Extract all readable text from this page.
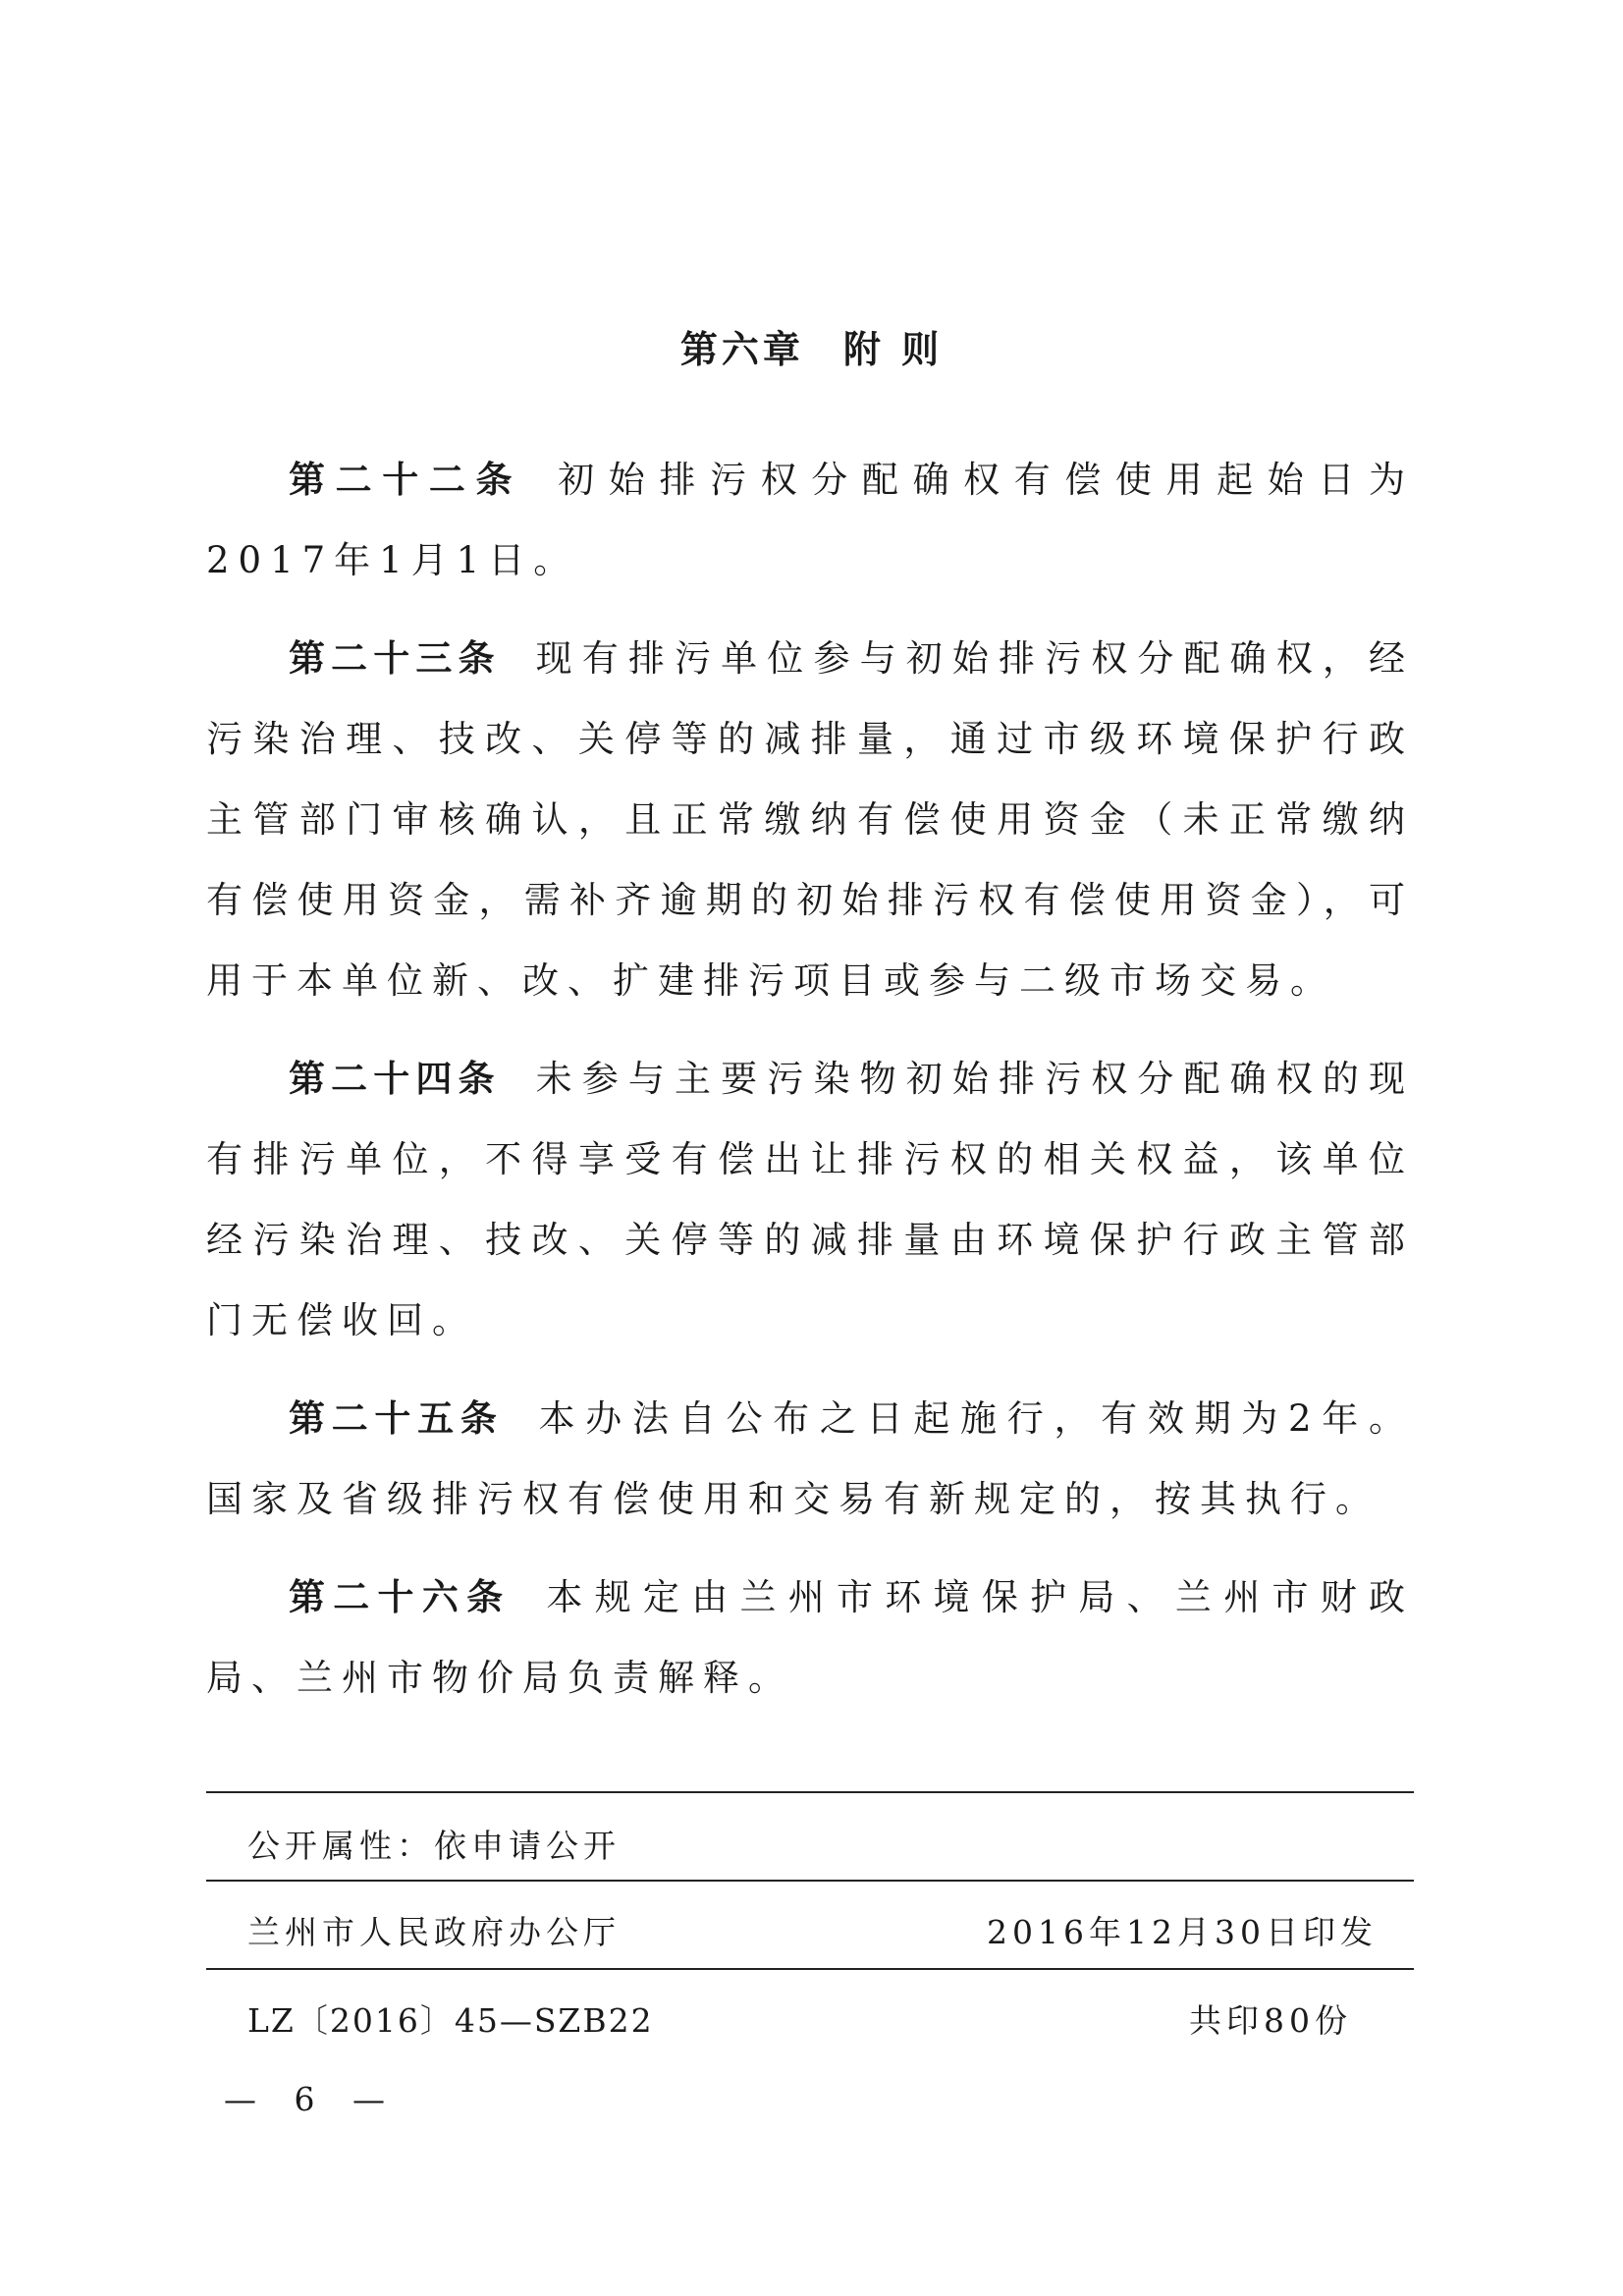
第六章 附 则

第二十二条 初始排污权分配确权有偿使用起始日为2017年1月1日。

第二十三条 现有排污单位参与初始排污权分配确权，经污染治理、技改、关停等的减排量，通过市级环境保护行政主管部门审核确认，且正常缴纳有偿使用资金（未正常缴纳有偿使用资金，需补齐逾期的初始排污权有偿使用资金），可用于本单位新、改、扩建排污项目或参与二级市场交易。

第二十四条 未参与主要污染物初始排污权分配确权的现有排污单位，不得享受有偿出让排污权的相关权益，该单位经污染治理、技改、关停等的减排量由环境保护行政主管部门无偿收回。

第二十五条 本办法自公布之日起施行，有效期为2年。国家及省级排污权有偿使用和交易有新规定的，按其执行。

第二十六条 本规定由兰州市环境保护局、兰州市财政局、兰州市物价局负责解释。

公开属性：依申请公开
兰州市人民政府办公厅	2016年12月30日印发
LZ〔2016〕45—SZB22	共印80份
— 6 —
